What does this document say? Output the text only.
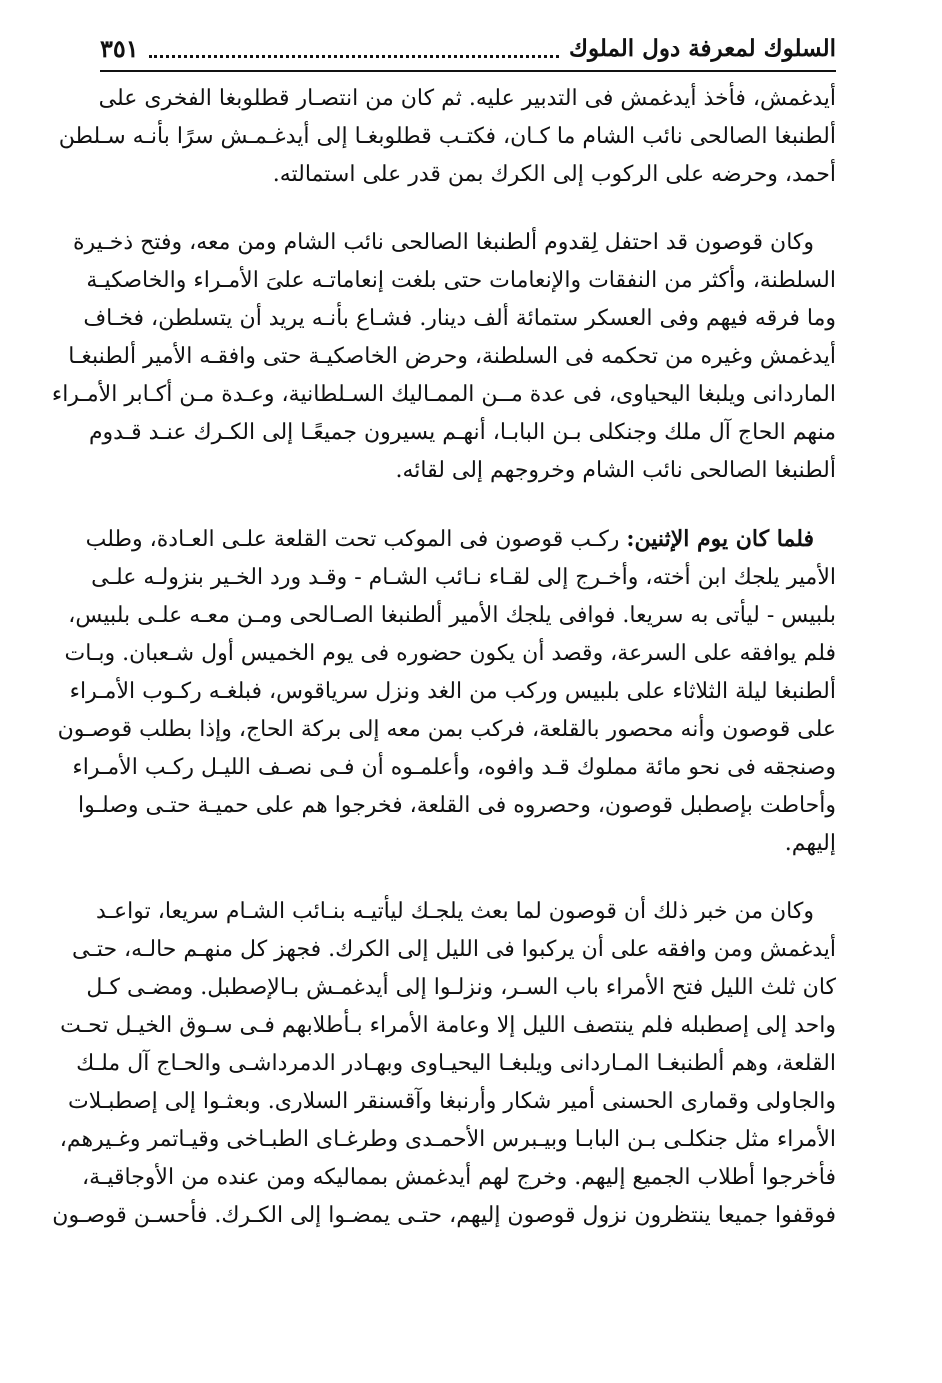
السلوك لمعرفة دول الملوك
٣٥١
أيدغمش، فأخذ أيدغمش فى التدبير عليه. ثم كان من انتصـار قطلوبغا الفخرى على
ألطنبغا الصالحى نائب الشام ما كـان، فكتـب قطلوبغـا إلى أيدغـمـش سرًا بأنـه سـلطن
أحمد، وحرضه على الركوب إلى الكرك بمن قدر على استمالته.
وكان قوصون قد احتفل لِقدوم ألطنبغا الصالحى نائب الشام ومن معه، وفتح ذخـيرة
السلطنة، وأكثر من النفقات والإنعامات حتى بلغت إنعاماتـه علىَ الأمـراء والخاصكيـة
وما فرقه فيهم وفى العسكر ستمائة ألف دينار. فشـاع بأنـه يريد أن يتسلطن، فخـاف
أيدغمش وغيره من تحكمه فى السلطنة، وحرض الخاصكيـة حتى وافقـه الأمير ألطنبغـا
الماردانى ويلبغا اليحياوى، فى عدة مــن الممـاليك السـلطانية، وعـدة مـن أكـابر الأمـراء
منهم الحاج آل ملك وجنكلى بـن البابـا، أنهـم يسيرون جميعًـا إلى الكـرك عنـد قـدوم
ألطنبغا الصالحى نائب الشام وخروجهم إلى لقائه.
فلما كان يوم الإثنين: ركـب قوصون فى الموكب تحت القلعة علـى العـادة، وطلب
الأمير يلجك ابن أخته، وأخـرج إلى لقـاء نـائب الشـام - وقـد ورد الخـير بنزولـه علـى
بلبيس - ليأتى به سريعا. فوافى يلجك الأمير ألطنبغا الصـالحى ومـن معـه علـى بلبيس،
فلم يوافقه على السرعة، وقصد أن يكون حضوره فى يوم الخميس أول شـعبان. وبـات
ألطنبغا ليلة الثلاثاء على بلبيس وركب من الغد ونزل سرياقوس، فبلغـه ركـوب الأمـراء
على قوصون وأنه محصور بالقلعة، فركب بمن معه إلى بركة الحاج، وإذا بطلب قوصـون
وصنجقه فى نحو مائة مملوك قـد وافوه، وأعلمـوه أن فـى نصـف الليـل ركـب الأمـراء
وأحاطت بإصطبل قوصون، وحصروه فى القلعة، فخرجوا هم على حميـة حتـى وصلـوا
إليهم.
وكان من خبر ذلك أن قوصون لما بعث يلجـك ليأتيـه بنـائب الشـام سريعا، تواعـد
أيدغمش ومن وافقه على أن يركبوا فى الليل إلى الكرك. فجهز كل منهـم حالـه، حتـى
كان ثلث الليل فتح الأمراء باب السـر، ونزلـوا إلى أيدغمـش بـالإصطبل. ومضـى كـل
واحد إلى إصطبله فلم ينتصف الليل إلا وعامة الأمراء بـأطلابهم فـى سـوق الخيـل تحـت
القلعة، وهم ألطنبغـا المـاردانى ويلبغـا اليحيـاوى وبهـادر الدمرداشـى والحـاج آل ملـك
والجاولى وقمارى الحسنى أمير شكار وأرنبغا وآقسنقر السلارى. وبعثـوا إلى إصطبـلات
الأمراء مثل جنكلـى بـن البابـا وبيـبرس الأحمـدى وطرغـاى الطبـاخى وقيـاتمر وغـيرهم،
فأخرجوا أطلاب الجميع إليهم. وخرج لهم أيدغمش بمماليكه ومن عنده من الأوجاقيـة،
فوقفوا جميعا ينتظرون نزول قوصون إليهم، حتـى يمضـوا إلى الكـرك. فأحسـن قوصـون
